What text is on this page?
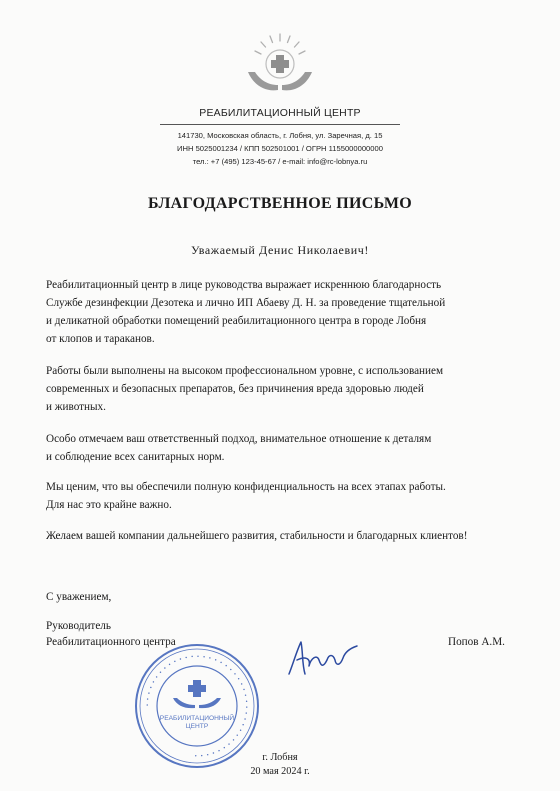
РЕАБИЛИТАЦИОННЫЙ ЦЕНТР
141730, Московская область, г. Лобня, ул. Заречная, д. 15
ИНН 5025001234 / КПП 502501001 / ОГРН 1155000000000
тел.: +7 (495) 123-45-67 / e-mail: info@rc-lobnya.ru
БЛАГОДАРСТВЕННОЕ ПИСЬМО
Уважаемый Денис Николаевич!
Реабилитационный центр в лице руководства выражает искреннюю благодарность
Службе дезинфекции Дезотека и лично ИП Абаеву Д. Н. за проведение тщательной
и деликатной обработки помещений реабилитационного центра в городе Лобня
от клопов и тараканов.
Работы были выполнены на высоком профессиональном уровне, с использованием
современных и безопасных препаратов, без причинения вреда здоровью людей
и животных.
Особо отмечаем ваш ответственный подход, внимательное отношение к деталям
и соблюдение всех санитарных норм.
Мы ценим, что вы обеспечили полную конфиденциальность на всех этапах работы.
Для нас это крайне важно.
Желаем вашей компании дальнейшего развития, стабильности и благодарных клиентов!
С уважением,
Руководитель
Реабилитационного центра	Попов А.М.
• • • • • • • • • • • • • • • • • • • • • • • • • • • • • • • • • • • • • • • •
РЕАБИЛИТАЦИОННЫЙ
ЦЕНТР
г. Лобня
20 мая 2024 г.
